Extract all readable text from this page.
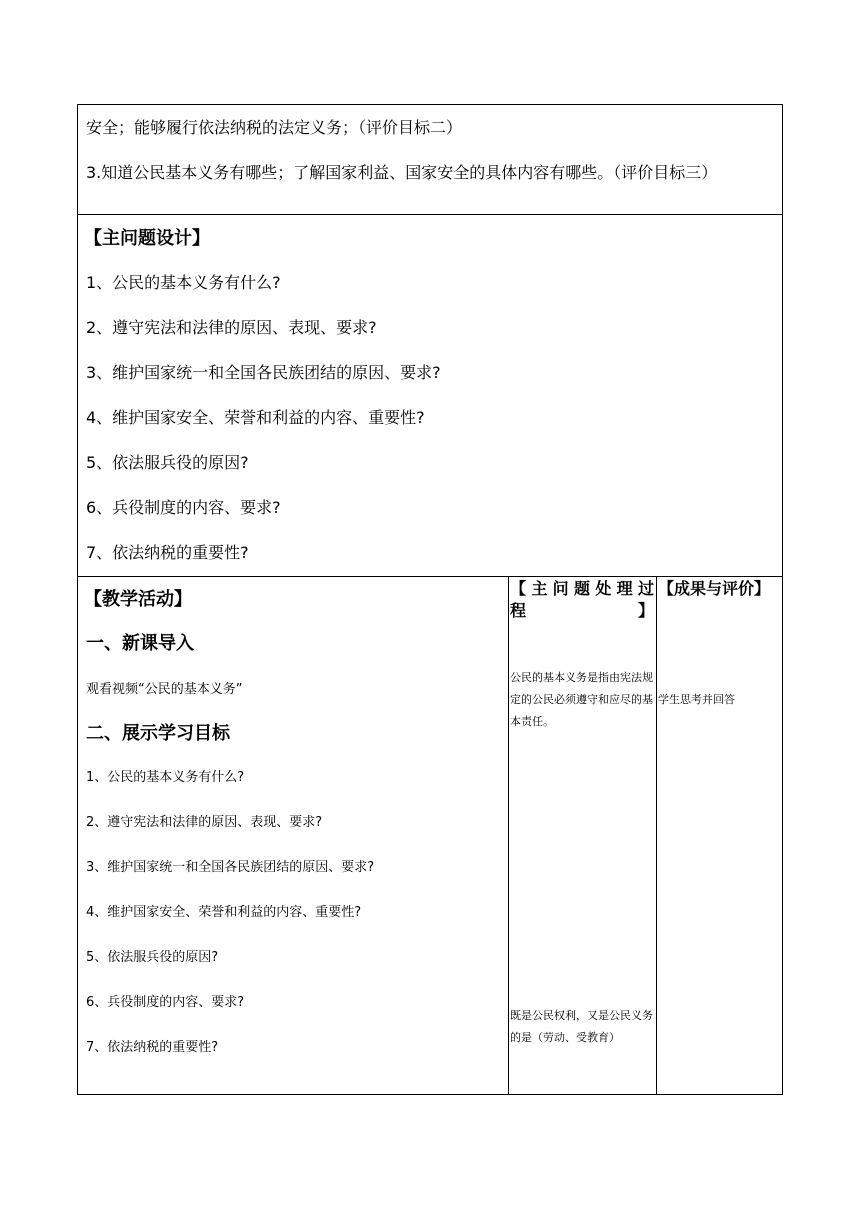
安全；能够履行依法纳税的法定义务；（评价目标二）
3.知道公民基本义务有哪些；了解国家利益、国家安全的具体内容有哪些。（评价目标三）
【主问题设计】
1、公民的基本义务有什么?
2、遵守宪法和法律的原因、表现、要求?
3、维护国家统一和全国各民族团结的原因、要求?
4、维护国家安全、荣誉和利益的内容、重要性?
5、依法服兵役的原因?
6、兵役制度的内容、要求?
7、依法纳税的重要性?
【教学活动】
一、新课导入
观看视频“公民的基本义务”
二、展示学习目标
1、公民的基本义务有什么?
2、遵守宪法和法律的原因、表现、要求?
3、维护国家统一和全国各民族团结的原因、要求?
4、维护国家安全、荣誉和利益的内容、重要性?
5、依法服兵役的原因?
6、兵役制度的内容、要求?
7、依法纳税的重要性?
【主问题处理过程】
公民的基本义务是指由宪法规定的公民必须遵守和应尽的基本责任。
既是公民权利，又是公民义务的是（劳动、受教育）
【成果与评价】
学生思考并回答
